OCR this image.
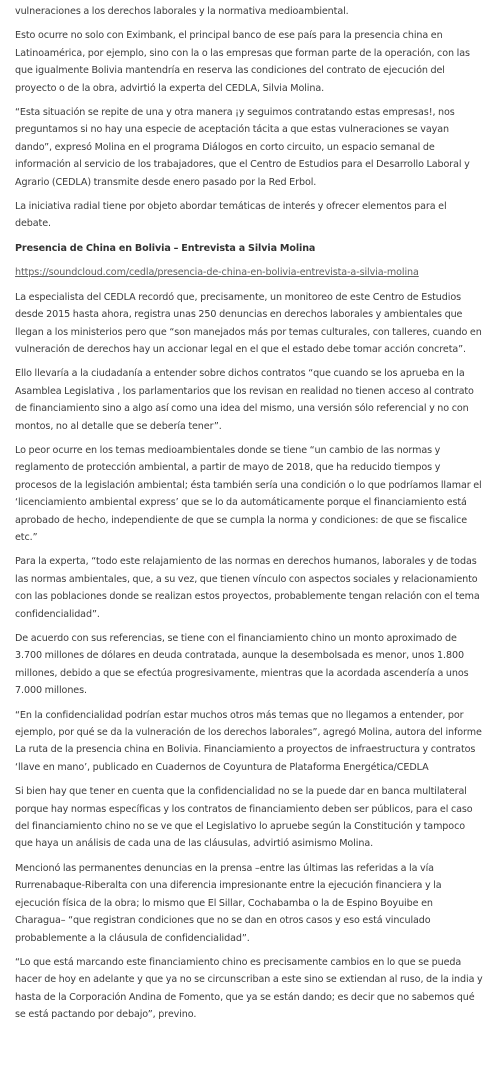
vulneraciones a los derechos laborales y la normativa medioambiental.

Esto ocurre no solo con Eximbank, el principal banco de ese país para la presencia china en Latinoamérica, por ejemplo, sino con la o las empresas que forman parte de la operación, con las que igualmente Bolivia mantendría en reserva las condiciones del contrato de ejecución del proyecto o de la obra, advirtió la experta del CEDLA, Silvia Molina.

“Esta situación se repite de una y otra manera ¡y seguimos contratando estas empresas!, nos preguntamos si no hay una especie de aceptación tácita a que estas vulneraciones se vayan dando”, expresó Molina en el programa Diálogos en corto circuito, un espacio semanal de información al servicio de los trabajadores, que el Centro de Estudios para el Desarrollo Laboral y Agrario (CEDLA) transmite desde enero pasado por la Red Erbol.

La iniciativa radial tiene por objeto abordar temáticas de interés y ofrecer elementos para el debate.

Presencia de China en Bolivia – Entrevista a Silvia Molina

https://soundcloud.com/cedla/presencia-de-china-en-bolivia-entrevista-a-silvia-molina

La especialista del CEDLA recordó que, precisamente, un monitoreo de este Centro de Estudios desde 2015 hasta ahora, registra unas 250 denuncias en derechos laborales y ambientales que llegan a los ministerios pero que “son manejados más por temas culturales, con talleres, cuando en vulneración de derechos hay un accionar legal en el que el estado debe tomar acción concreta”.

Ello llevaría a la ciudadanía a entender sobre dichos contratos “que cuando se los aprueba en la Asamblea Legislativa , los parlamentarios que los revisan en realidad no tienen acceso al contrato de financiamiento sino a algo así como una idea del mismo, una versión sólo referencial y no con montos, no al detalle que se debería tener”.

Lo peor ocurre en los temas medioambientales donde se tiene “un cambio de las normas y reglamento de protección ambiental, a partir de mayo de 2018, que ha reducido tiempos y procesos de la legislación ambiental; ésta también sería una condición o lo que podríamos llamar el ‘licenciamiento ambiental express’ que se lo da automáticamente porque el financiamiento está aprobado de hecho, independiente de que se cumpla la norma y condiciones: de que se fiscalice etc.”

Para la experta, “todo este relajamiento de las normas en derechos humanos, laborales y de todas las normas ambientales, que, a su vez, que tienen vínculo con aspectos sociales y relacionamiento con las poblaciones donde se realizan estos proyectos, probablemente tengan relación con el tema confidencialidad”.

De acuerdo con sus referencias, se tiene con el financiamiento chino un monto aproximado de 3.700 millones de dólares en deuda contratada, aunque la desembolsada es menor, unos 1.800 millones, debido a que se efectúa progresivamente, mientras que la acordada ascendería a unos 7.000 millones.

“En la confidencialidad podrían estar muchos otros más temas que no llegamos a entender, por ejemplo, por qué se da la vulneración de los derechos laborales”, agregó Molina, autora del informe La ruta de la presencia china en Bolivia. Financiamiento a proyectos de infraestructura y contratos ‘llave en mano’, publicado en Cuadernos de Coyuntura de Plataforma Energética/CEDLA

Si bien hay que tener en cuenta que la confidencialidad no se la puede dar en banca multilateral porque hay normas específicas y los contratos de financiamiento deben ser públicos, para el caso del financiamiento chino no se ve que el Legislativo lo apruebe según la Constitución y tampoco que haya un análisis de cada una de las cláusulas, advirtió asimismo Molina.

Mencionó las permanentes denuncias en la prensa –entre las últimas las referidas a la vía Rurrenabaque-Riberalta con una diferencia impresionante entre la ejecución financiera y la ejecución física de la obra; lo mismo que El Sillar, Cochabamba o la de Espino Boyuibe en Charagua– “que registran condiciones que no se dan en otros casos y eso está vinculado probablemente a la cláusula de confidencialidad”.

“Lo que está marcando este financiamiento chino es precisamente cambios en lo que se pueda hacer de hoy en adelante y que ya no se circunscriban a este sino se extiendan al ruso, de la india y hasta de la Corporación Andina de Fomento, que ya se están dando; es decir que no sabemos qué se está pactando por debajo”, previno.
